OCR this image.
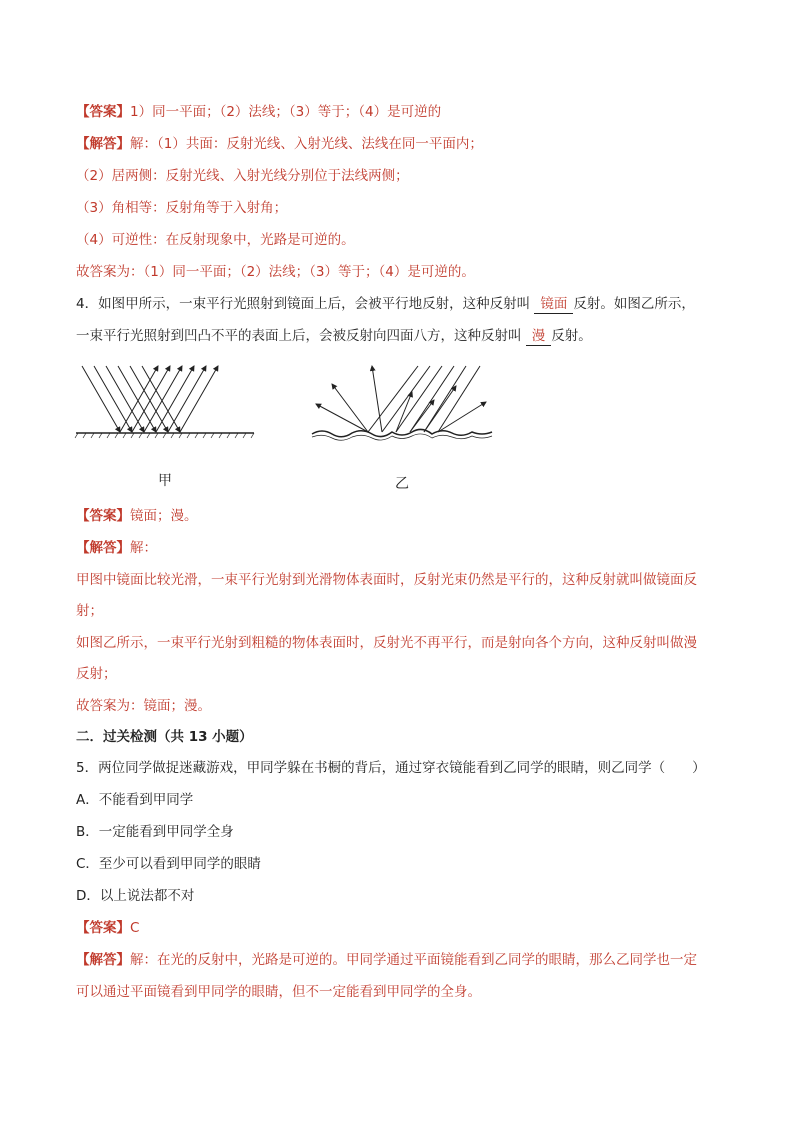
【答案】1）同一平面；（2）法线；（3）等于；（4）是可逆的
【解答】解：（1）共面：反射光线、入射光线、法线在同一平面内；
（2）居两侧：反射光线、入射光线分别位于法线两侧；
（3）角相等：反射角等于入射角；
（4）可逆性：在反射现象中，光路是可逆的。
故答案为：（1）同一平面；（2）法线；（3）等于；（4）是可逆的。
4．如图甲所示，一束平行光照射到镜面上后，会被平行地反射，这种反射叫 镜面 反射。如图乙所示，
一束平行光照射到凹凸不平的表面上后，会被反射向四面八方，这种反射叫 漫 反射。
甲	乙
【答案】镜面；漫。
【解答】解：
甲图中镜面比较光滑，一束平行光射到光滑物体表面时，反射光束仍然是平行的，这种反射就叫做镜面反
射；
如图乙所示，一束平行光射到粗糙的物体表面时，反射光不再平行，而是射向各个方向，这种反射叫做漫
反射；
故答案为：镜面；漫。
二．过关检测（共 13 小题）
5．两位同学做捉迷藏游戏，甲同学躲在书橱的背后，通过穿衣镜能看到乙同学的眼睛，则乙同学（　　）
A．不能看到甲同学
B．一定能看到甲同学全身
C．至少可以看到甲同学的眼睛
D．以上说法都不对
【答案】C
【解答】解：在光的反射中，光路是可逆的。甲同学通过平面镜能看到乙同学的眼睛，那么乙同学也一定
可以通过平面镜看到甲同学的眼睛，但不一定能看到甲同学的全身。
